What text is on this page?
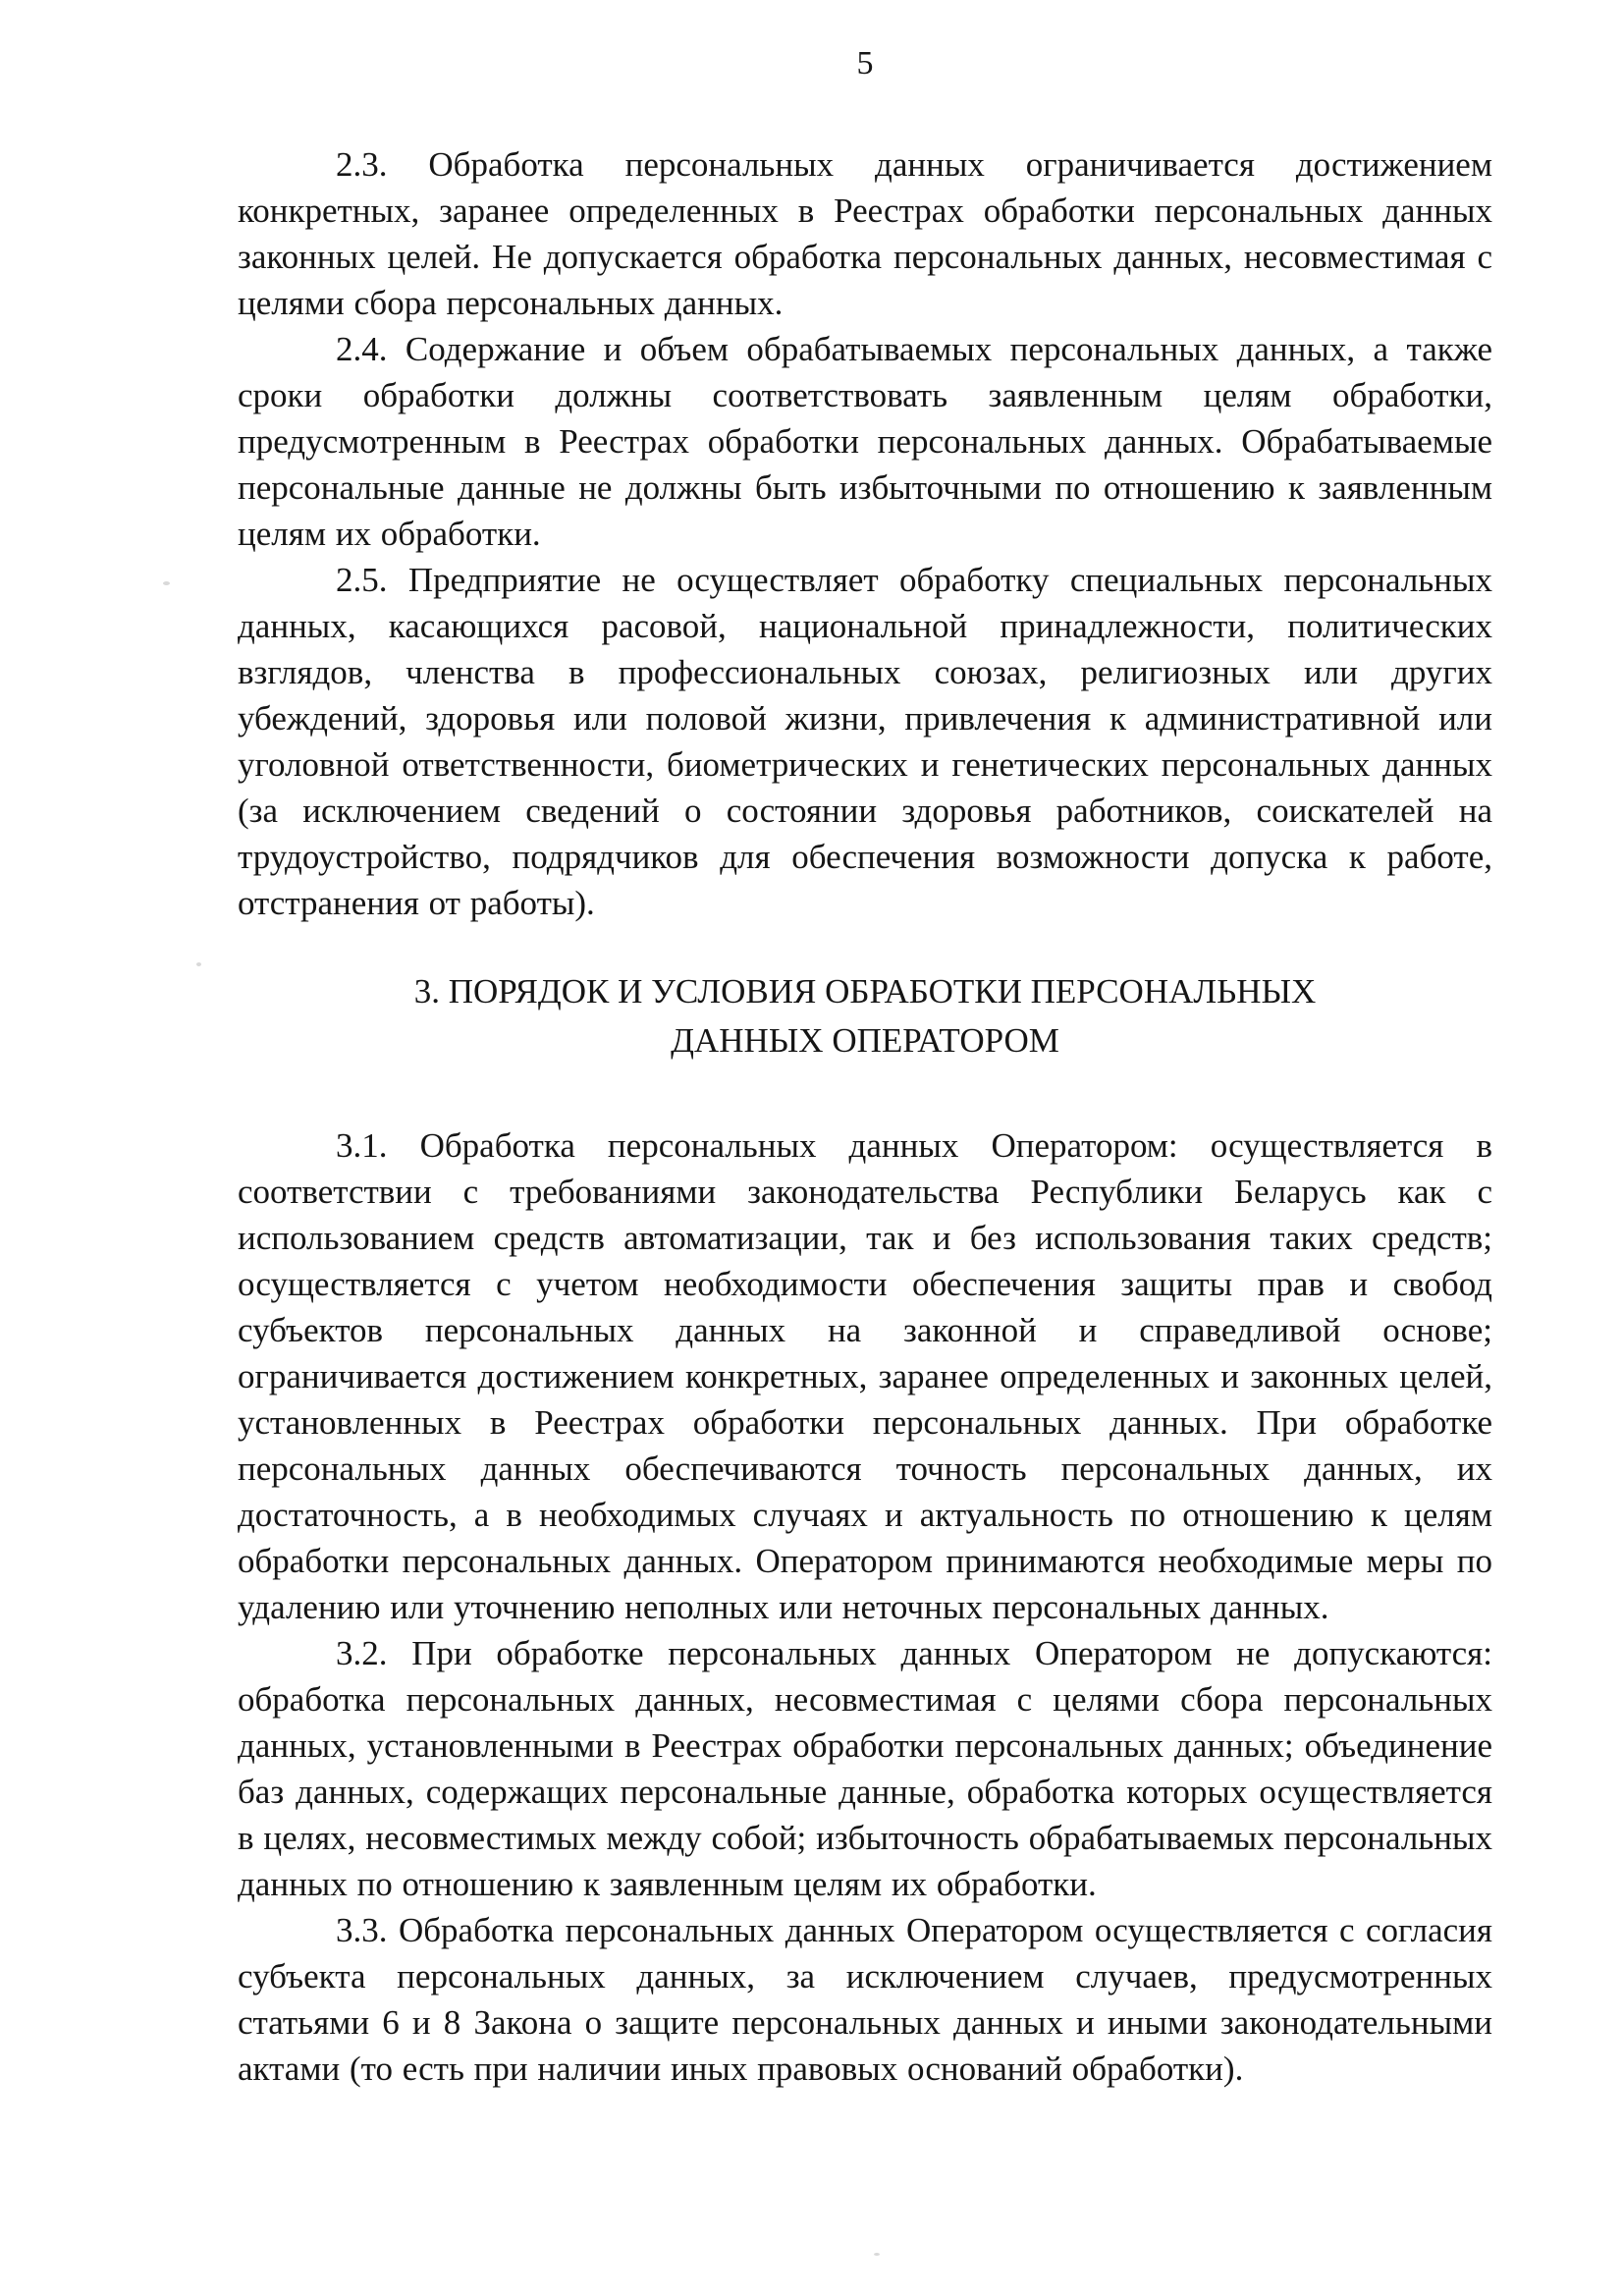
5

2.3. Обработка персональных данных ограничивается достижением конкретных, заранее определенных в Реестрах обработки персональных данных законных целей. Не допускается обработка персональных данных, несовместимая с целями сбора персональных данных.

2.4. Содержание и объем обрабатываемых персональных данных, а также сроки обработки должны соответствовать заявленным целям обработки, предусмотренным в Реестрах обработки персональных данных. Обрабатываемые персональные данные не должны быть избыточными по отношению к заявленным целям их обработки.

2.5. Предприятие не осуществляет обработку специальных персональных данных, касающихся расовой, национальной принадлежности, политических взглядов, членства в профессиональных союзах, религиозных или других убеждений, здоровья или половой жизни, привлечения к административной или уголовной ответственности, биометрических и генетических персональных данных (за исключением сведений о состоянии здоровья работников, соискателей на трудоустройство, подрядчиков для обеспечения возможности допуска к работе, отстранения от работы).

3. ПОРЯДОК И УСЛОВИЯ ОБРАБОТКИ ПЕРСОНАЛЬНЫХ ДАННЫХ ОПЕРАТОРОМ

3.1. Обработка персональных данных Оператором: осуществляется в соответствии с требованиями законодательства Республики Беларусь как с использованием средств автоматизации, так и без использования таких средств; осуществляется с учетом необходимости обеспечения защиты прав и свобод субъектов персональных данных на законной и справедливой основе; ограничивается достижением конкретных, заранее определенных и законных целей, установленных в Реестрах обработки персональных данных. При обработке персональных данных обеспечиваются точность персональных данных, их достаточность, а в необходимых случаях и актуальность по отношению к целям обработки персональных данных. Оператором принимаются необходимые меры по удалению или уточнению неполных или неточных персональных данных.

3.2. При обработке персональных данных Оператором не допускаются: обработка персональных данных, несовместимая с целями сбора персональных данных, установленными в Реестрах обработки персональных данных; объединение баз данных, содержащих персональные данные, обработка которых осуществляется в целях, несовместимых между собой; избыточность обрабатываемых персональных данных по отношению к заявленным целям их обработки.

3.3. Обработка персональных данных Оператором осуществляется с согласия субъекта персональных данных, за исключением случаев, предусмотренных статьями 6 и 8 Закона о защите персональных данных и иными законодательными актами (то есть при наличии иных правовых оснований обработки).
